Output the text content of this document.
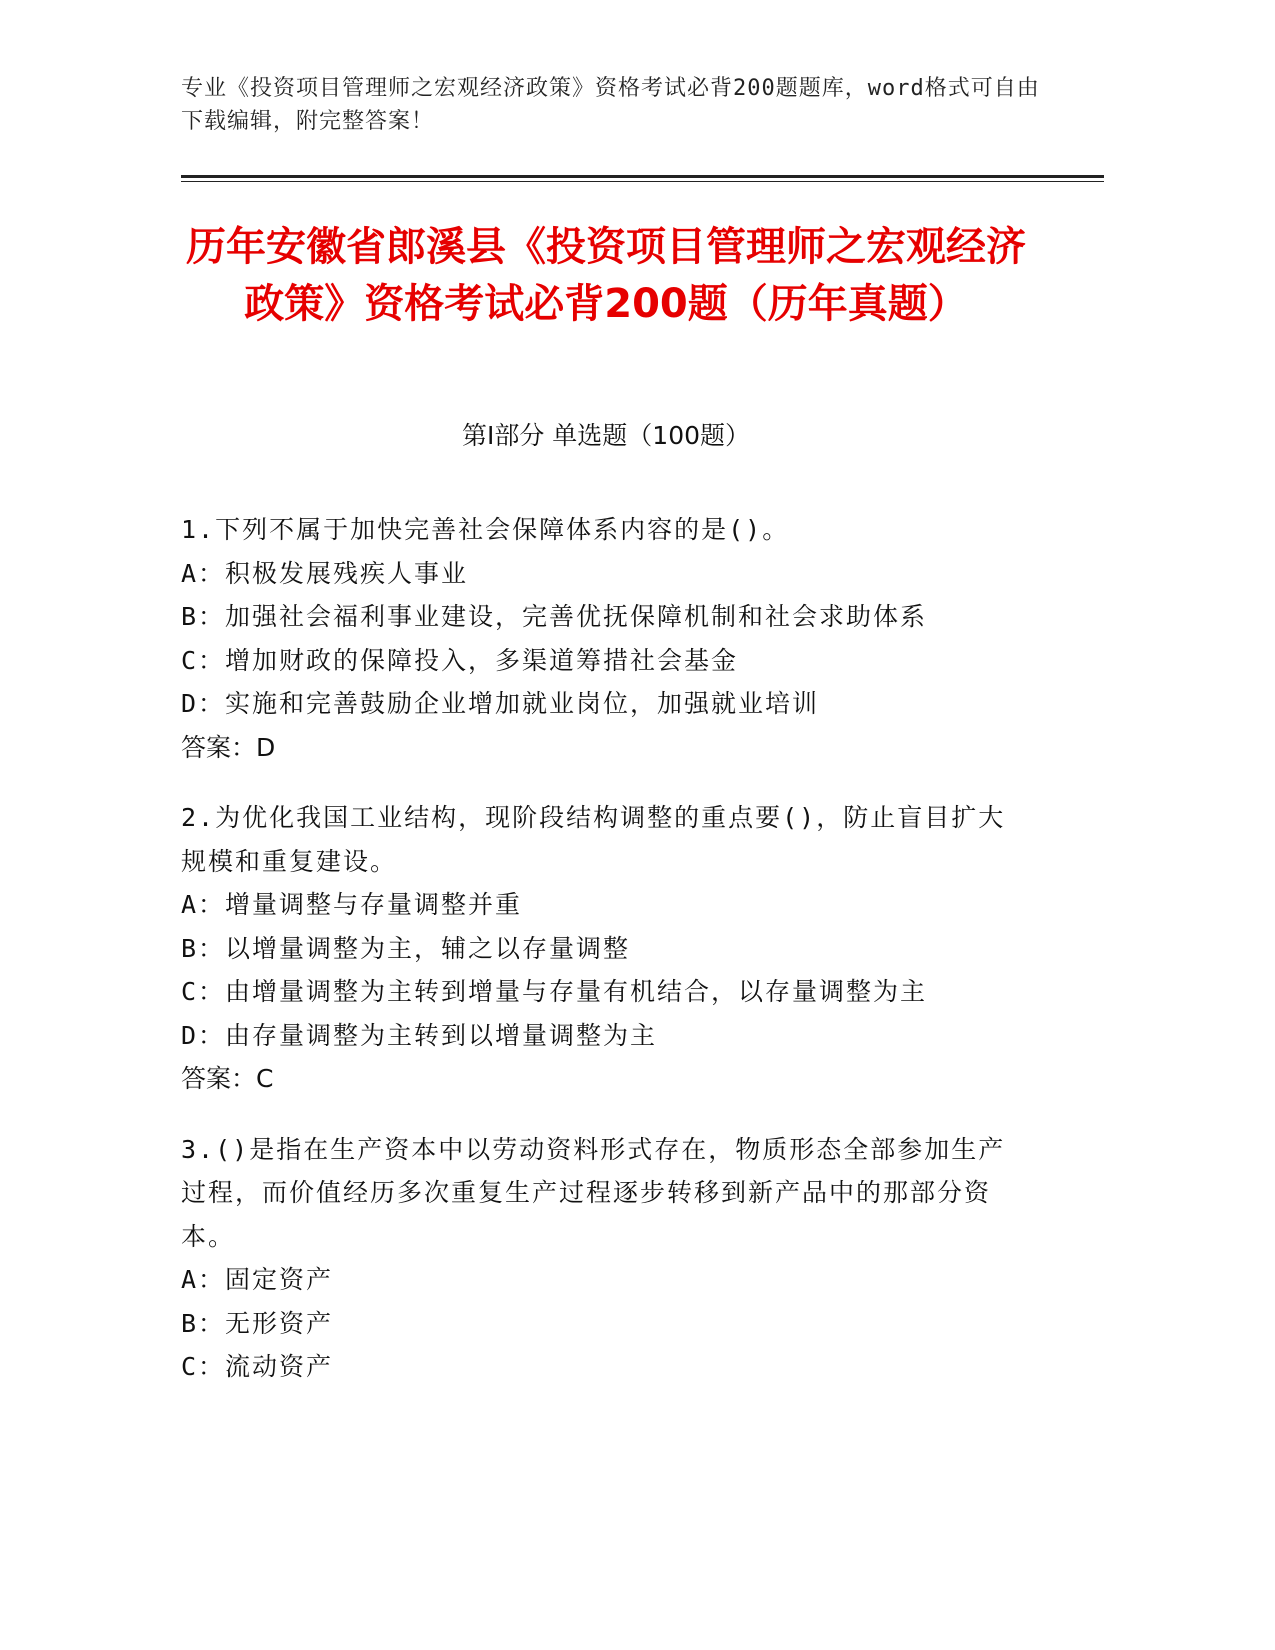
专业《投资项目管理师之宏观经济政策》资格考试必背200题题库，word格式可自由下载编辑，附完整答案！
历年安徽省郎溪县《投资项目管理师之宏观经济政策》资格考试必背200题（历年真题）
第I部分 单选题（100题）
1.下列不属于加快完善社会保障体系内容的是()。
A：积极发展残疾人事业
B：加强社会福利事业建设，完善优抚保障机制和社会求助体系
C：增加财政的保障投入，多渠道筹措社会基金
D：实施和完善鼓励企业增加就业岗位，加强就业培训
答案：D
2.为优化我国工业结构，现阶段结构调整的重点要()，防止盲目扩大规模和重复建设。
A：增量调整与存量调整并重
B：以增量调整为主，辅之以存量调整
C：由增量调整为主转到增量与存量有机结合，以存量调整为主
D：由存量调整为主转到以增量调整为主
答案：C
3.()是指在生产资本中以劳动资料形式存在，物质形态全部参加生产过程，而价值经历多次重复生产过程逐步转移到新产品中的那部分资本。
A：固定资产
B：无形资产
C：流动资产
